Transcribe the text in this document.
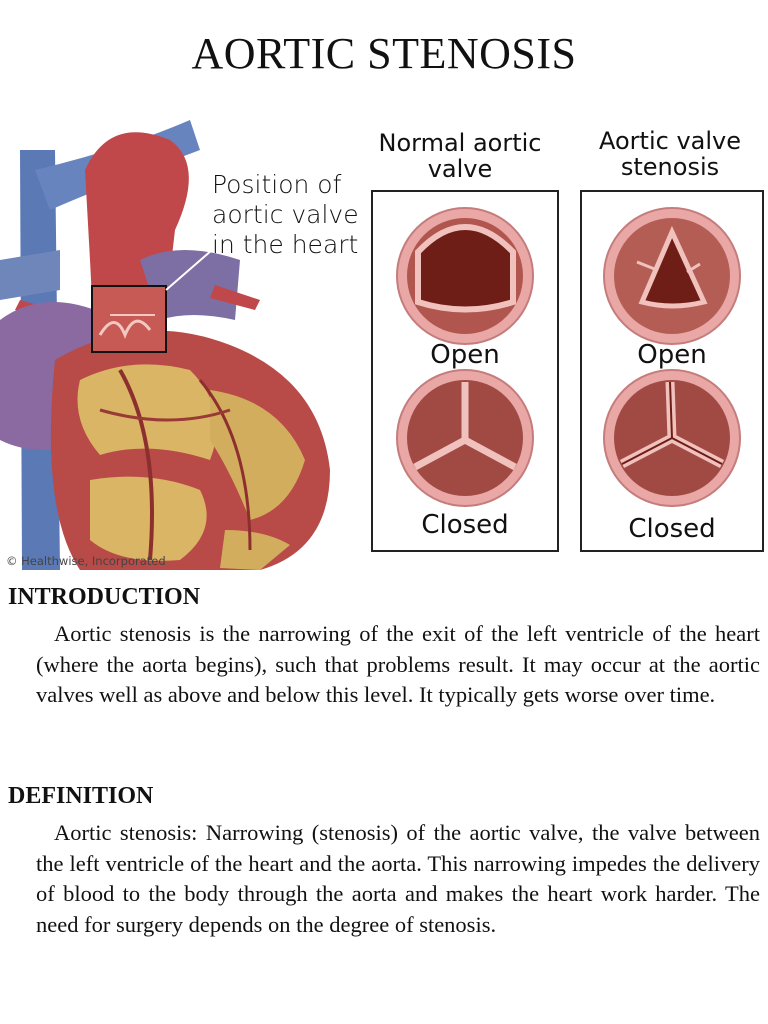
AORTIC STENOSIS
Position of
aortic valve
in the heart
© Healthwise, Incorporated
Normal aortic
valve
Open
Closed
Aortic valve
stenosis
Open
Closed
INTRODUCTION
Aortic stenosis is the narrowing of the exit of the left ventricle of the heart (where the aorta begins), such that problems result. It may occur at the aortic valves well as above and below this level. It typically gets worse over time.
DEFINITION
Aortic stenosis: Narrowing (stenosis) of the aortic valve, the valve between the left ventricle of the heart and the aorta. This narrowing impedes the delivery of blood to the body through the aorta and makes the heart work harder. The need for surgery depends on the degree of stenosis.
